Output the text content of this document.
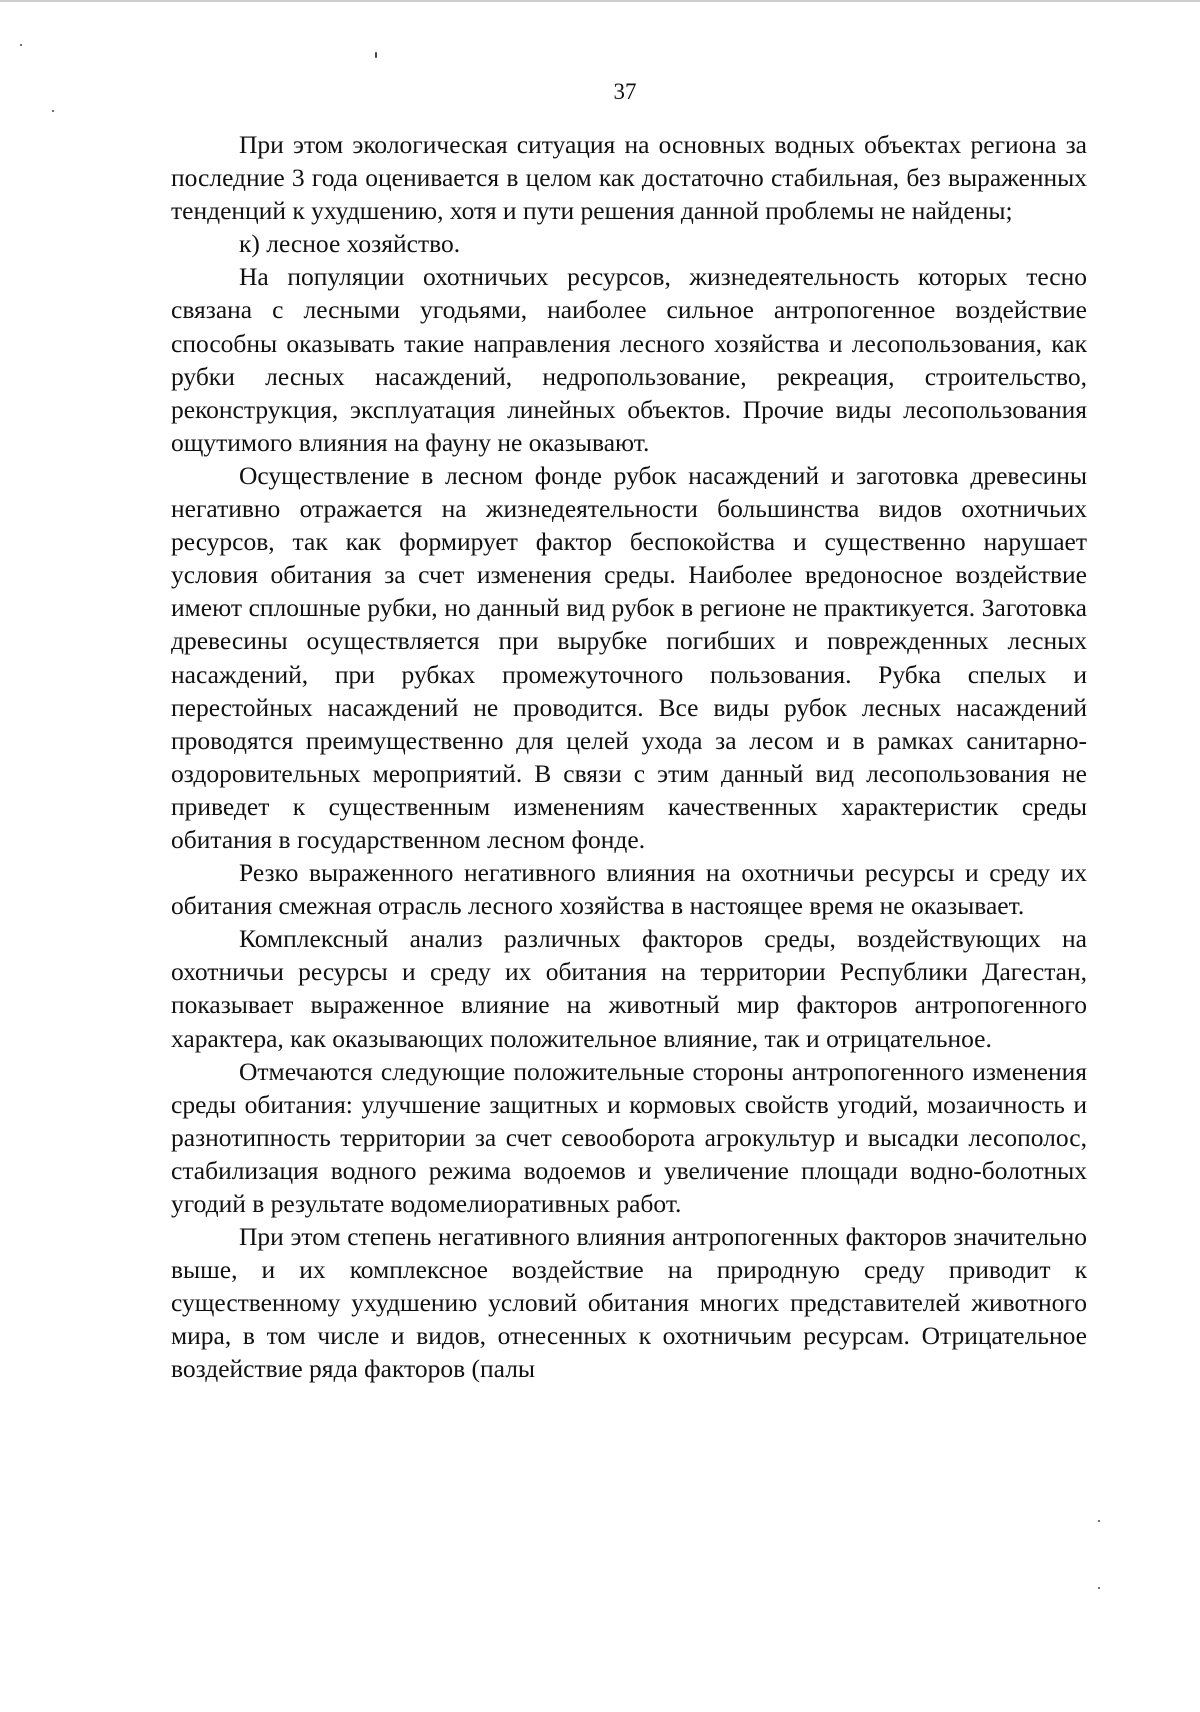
37

При этом экологическая ситуация на основных водных объектах региона за последние 3 года оценивается в целом как достаточно стабильная, без выраженных тенденций к ухудшению, хотя и пути решения данной проблемы не найдены;

к) лесное хозяйство.

На популяции охотничьих ресурсов, жизнедеятельность которых тесно связана с лесными угодьями, наиболее сильное антропогенное воздействие способны оказывать такие направления лесного хозяйства и лесопользования, как рубки лесных насаждений, недропользование, рекреация, строительство, реконструкция, эксплуатация линейных объектов. Прочие виды лесопользования ощутимого влияния на фауну не оказывают.

Осуществление в лесном фонде рубок насаждений и заготовка древесины негативно отражается на жизнедеятельности большинства видов охотничьих ресурсов, так как формирует фактор беспокойства и существенно нарушает условия обитания за счет изменения среды. Наиболее вредоносное воздействие имеют сплошные рубки, но данный вид рубок в регионе не практикуется. Заготовка древесины осуществляется при вырубке погибших и поврежденных лесных насаждений, при рубках промежуточного пользования. Рубка спелых и перестойных насаждений не проводится. Все виды рубок лесных насаждений проводятся преимущественно для целей ухода за лесом и в рамках санитарно-оздоровительных мероприятий. В связи с этим данный вид лесопользования не приведет к существенным изменениям качественных характеристик среды обитания в государственном лесном фонде.

Резко выраженного негативного влияния на охотничьи ресурсы и среду их обитания смежная отрасль лесного хозяйства в настоящее время не оказывает.

Комплексный анализ различных факторов среды, воздействующих на охотничьи ресурсы и среду их обитания на территории Республики Дагестан, показывает выраженное влияние на животный мир факторов антропогенного характера, как оказывающих положительное влияние, так и отрицательное.

Отмечаются следующие положительные стороны антропогенного изменения среды обитания: улучшение защитных и кормовых свойств угодий, мозаичность и разнотипность территории за счет севооборота агрокультур и высадки лесополос, стабилизация водного режима водоемов и увеличение площади водно-болотных угодий в результате водомелиоративных работ.

При этом степень негативного влияния антропогенных факторов значительно выше, и их комплексное воздействие на природную среду приводит к существенному ухудшению условий обитания многих представителей животного мира, в том числе и видов, отнесенных к охотничьим ресурсам. Отрицательное воздействие ряда факторов (палы
